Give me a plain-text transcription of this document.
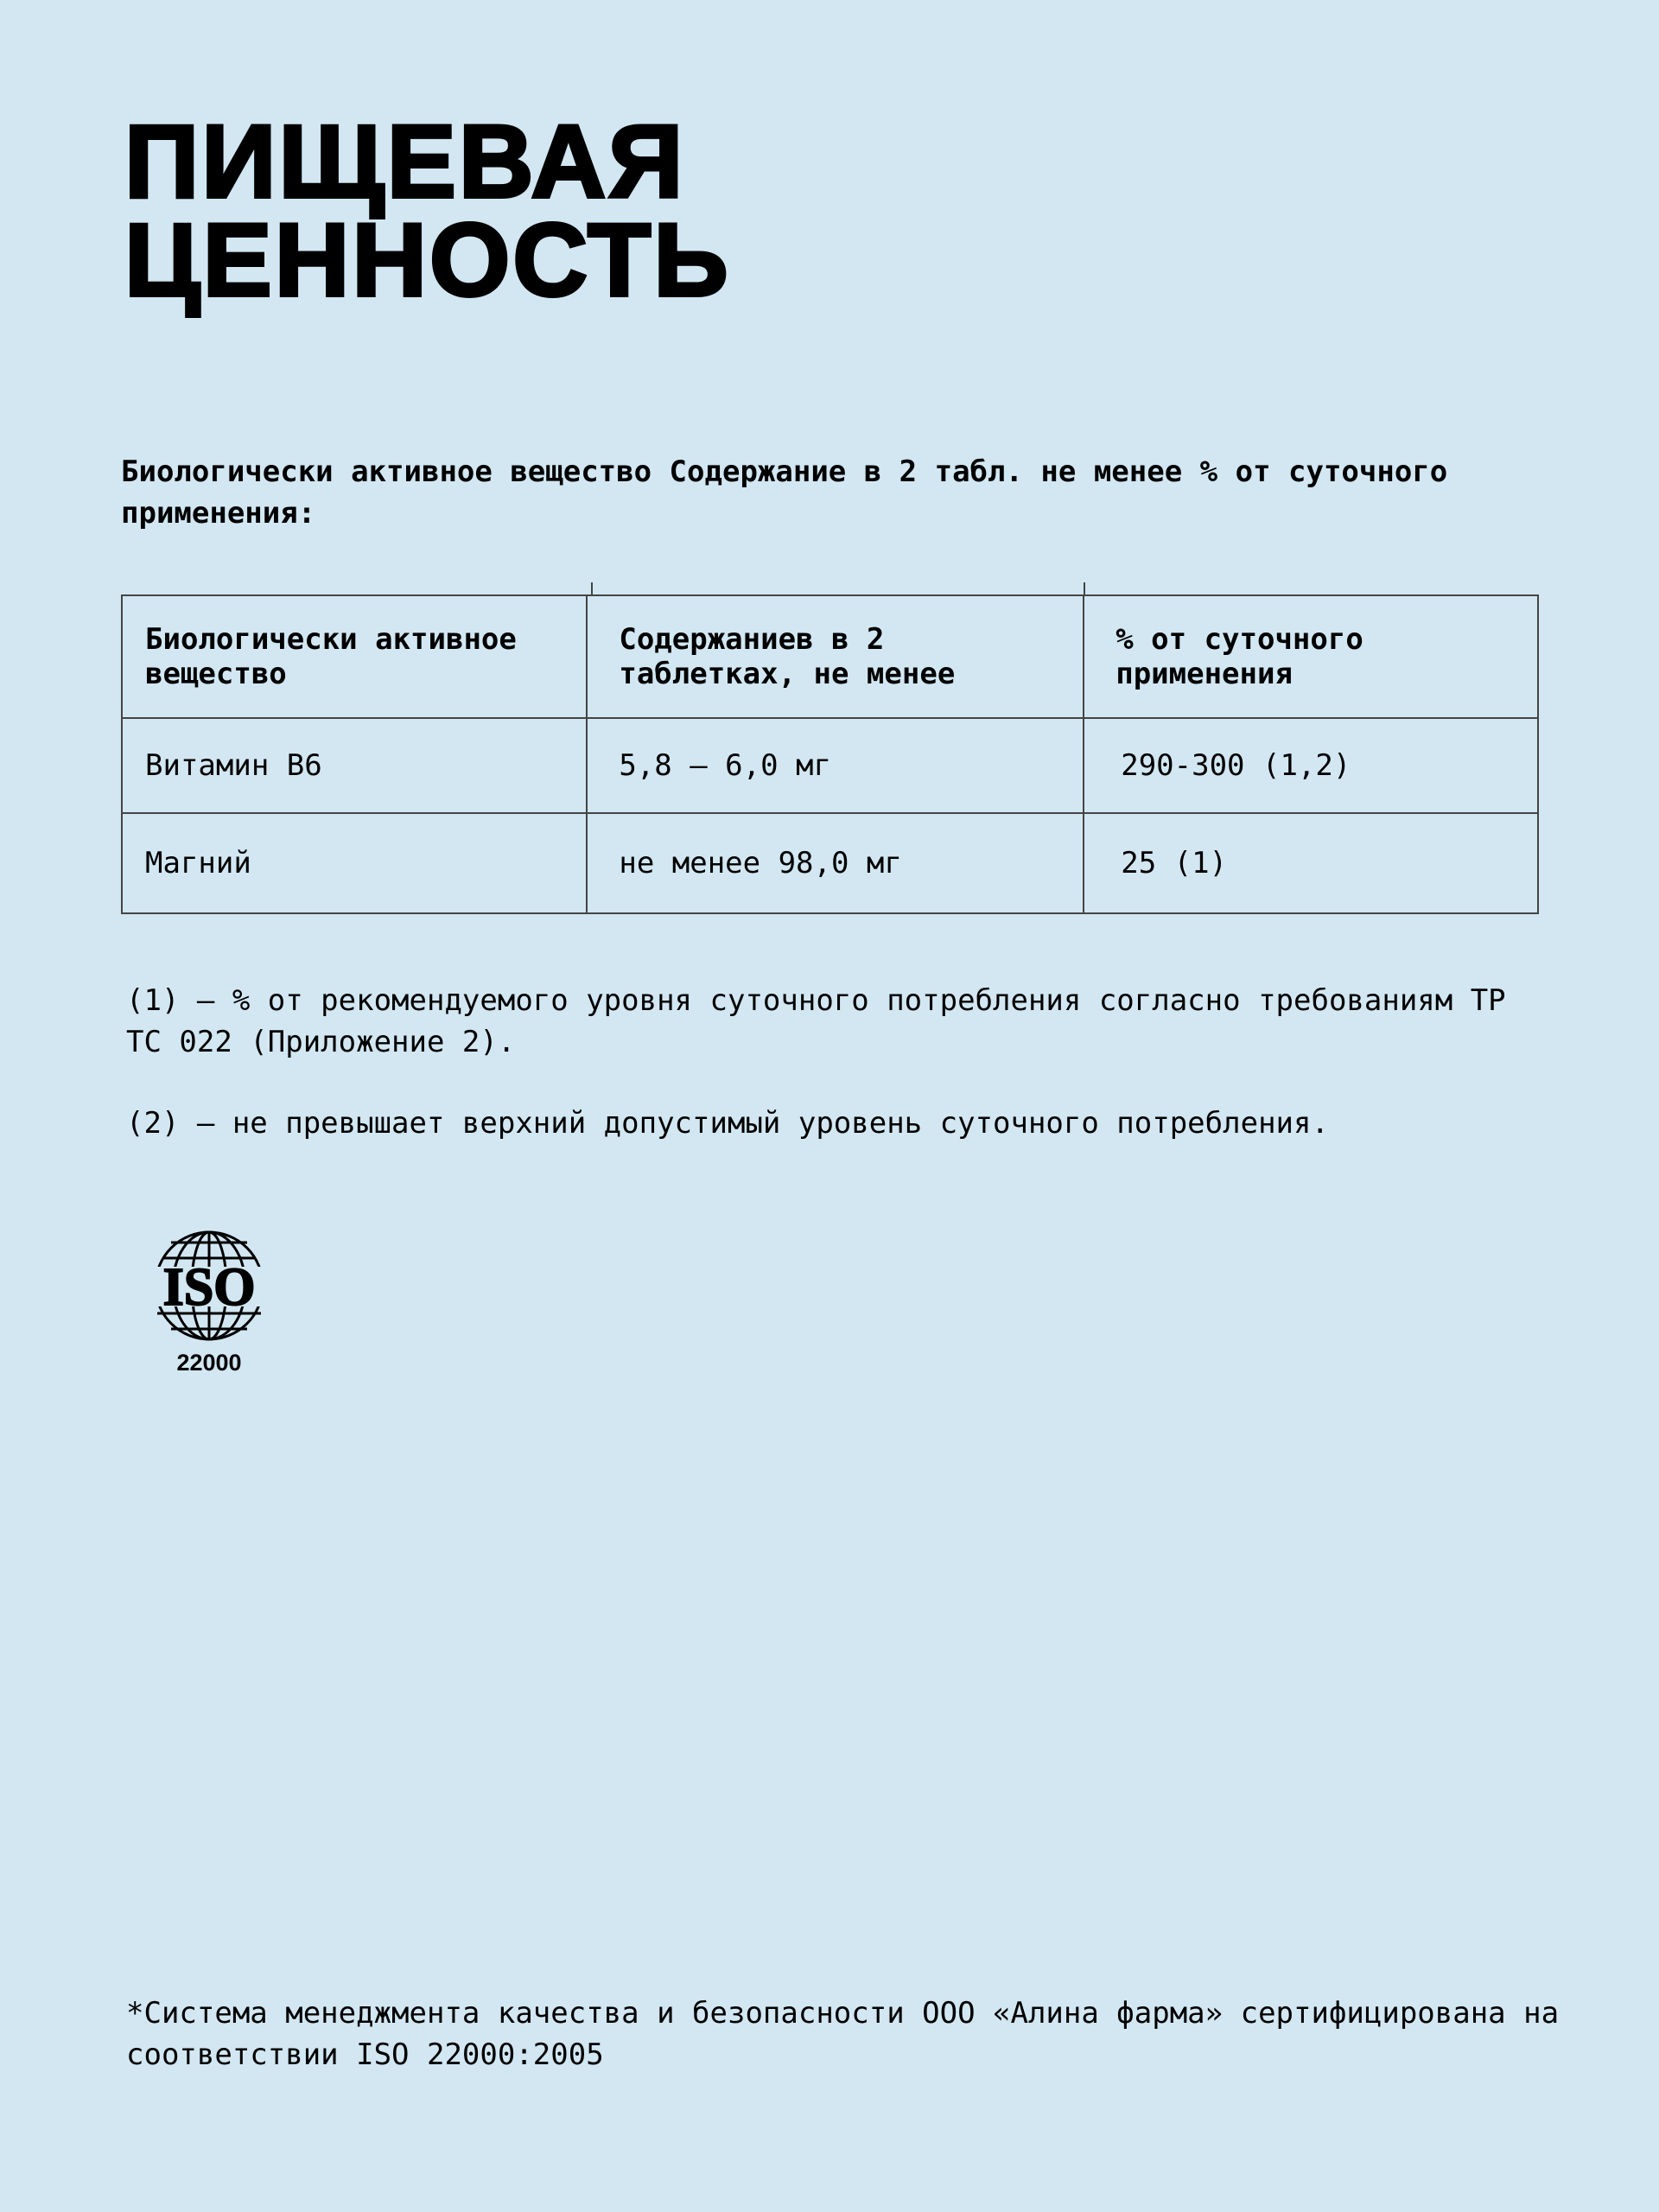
ПИЩЕВАЯ
ЦЕННОСТЬ

Биологически активное вещество Содержание в 2 табл. не менее % от суточного применения:

Биологически активное вещество	Содержаниев в 2 таблетках, не менее	% от суточного применения
Витамин В6	5,8 – 6,0 мг	290-300 (1,2)
Магний	не менее 98,0 мг	25 (1)

(1) — % от рекомендуемого уровня суточного потребления согласно требованиям ТР ТС 022 (Приложение 2).

(2) — не превышает верхний допустимый уровень суточного потребления.

ISO
22000

*Система менеджмента качества и безопасности ООО «Алина фарма» сертифицирована на соответствии ISO 22000:2005
